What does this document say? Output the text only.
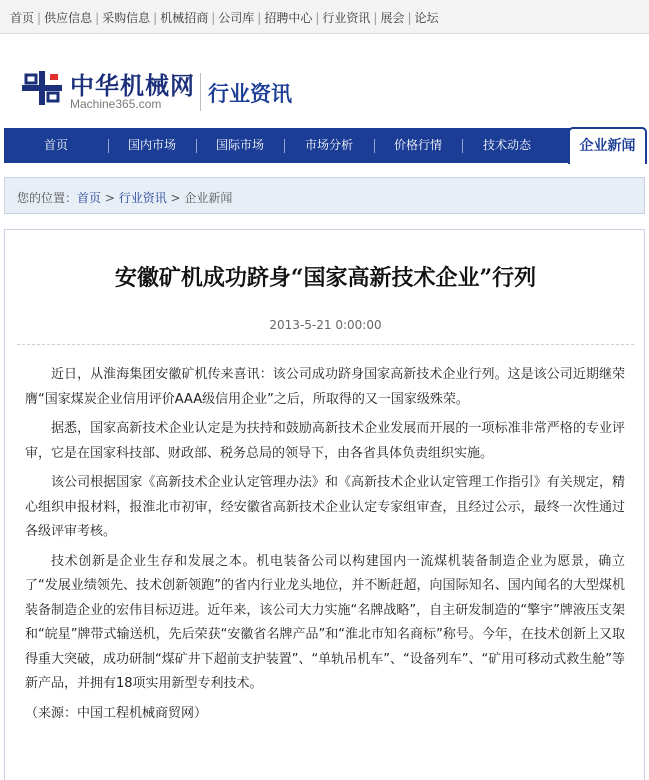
首页 | 供应信息 | 采购信息 | 机械招商 | 公司库 | 招聘中心 | 行业资讯 | 展会 | 论坛
中华机械网
Machine365.com 行业资讯
首页	国内市场	国际市场	市场分析	价格行情	技术动态	企业新闻
您的位置：首页 > 行业资讯 > 企业新闻
安徽矿机成功跻身“国家高新技术企业”行列
2013-5-21 0:00:00

近日，从淮海集团安徽矿机传来喜讯：该公司成功跻身国家高新技术企业行列。这是该公司近期继荣膺“国家煤炭企业信用评价AAA级信用企业”之后，所取得的又一国家级殊荣。

据悉，国家高新技术企业认定是为扶持和鼓励高新技术企业发展而开展的一项标准非常严格的专业评审，它是在国家科技部、财政部、税务总局的领导下，由各省具体负责组织实施。

该公司根据国家《高新技术企业认定管理办法》和《高新技术企业认定管理工作指引》有关规定，精心组织申报材料，报淮北市初审，经安徽省高新技术企业认定专家组审查，且经过公示，最终一次性通过各级评审考核。

技术创新是企业生存和发展之本。机电装备公司以构建国内一流煤机装备制造企业为愿景，确立了“发展业绩领先、技术创新领跑”的省内行业龙头地位，并不断赶超，向国际知名、国内闻名的大型煤机装备制造企业的宏伟目标迈进。近年来，该公司大力实施“名牌战略”，自主研发制造的“擎宇”牌液压支架和“皖星”牌带式输送机，先后荣获“安徽省名牌产品”和“淮北市知名商标”称号。今年，在技术创新上又取得重大突破，成功研制“煤矿井下超前支护装置”、“单轨吊机车”、“设备列车”、“矿用可移动式救生舱”等新产品，并拥有18项实用新型专利技术。

（来源：中国工程机械商贸网）
